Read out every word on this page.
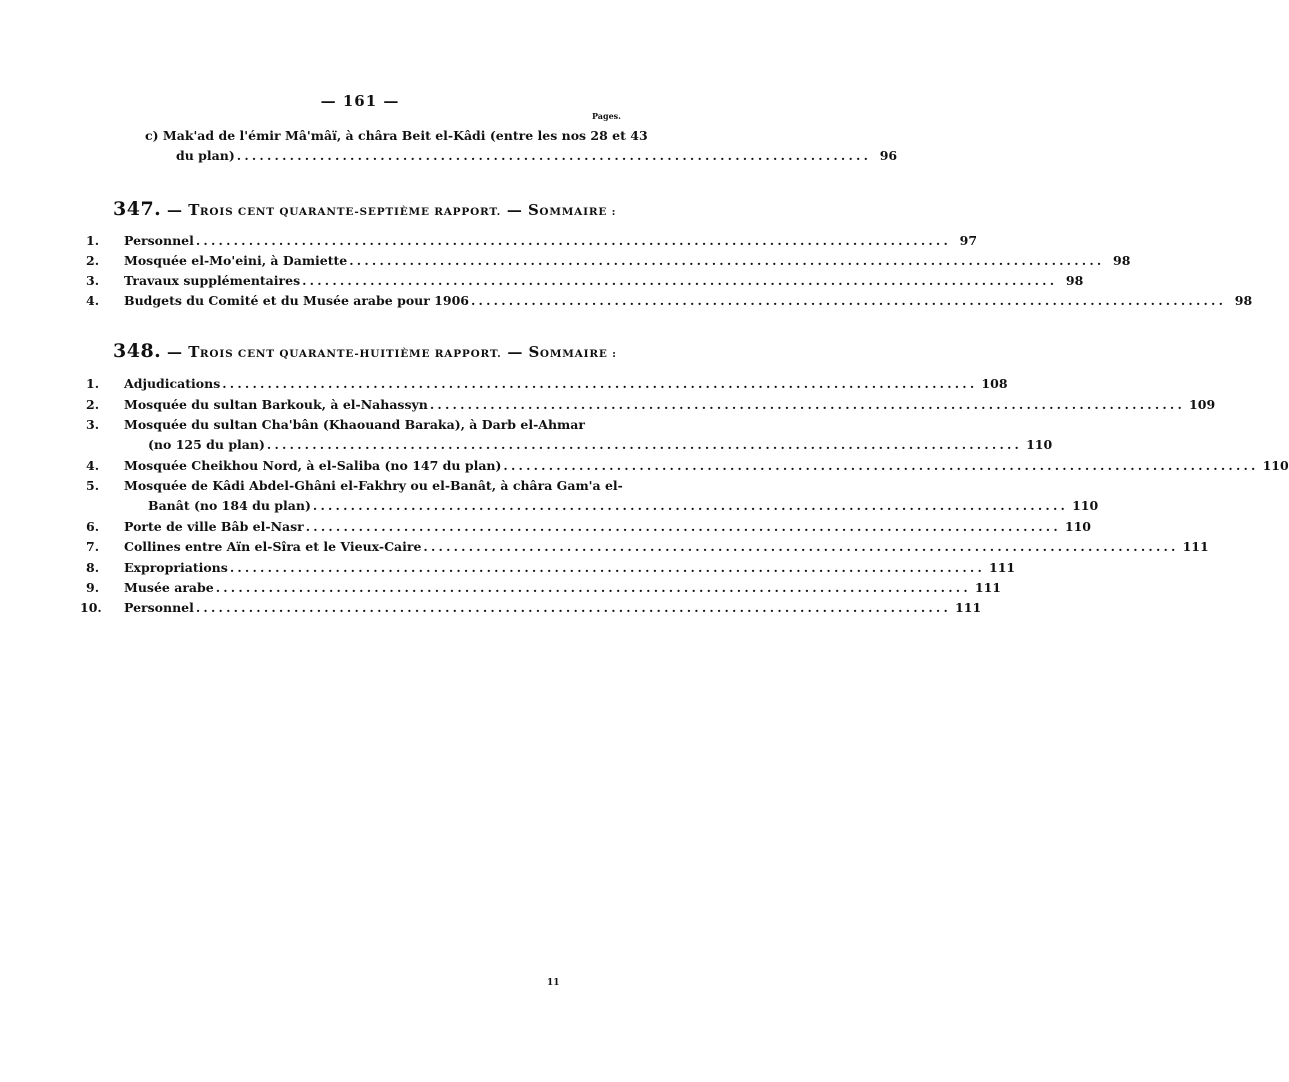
— 161 —
Pages.
c) Mak'ad de l'émir Mâ'mâï, à châra Beit el-Kâdi (entre les nos 28 et 43
du plan) .................................................................................... 96
347. — TROIS CENT QUARANTE-SEPTIÈME RAPPORT. — SOMMAIRE :
1.	Personnel .................................................................................................... 97
2.	Mosquée el-Mo'eini, à Damiette .................................................................................................... 98
3.	Travaux supplémentaires .................................................................................................... 98
4.	Budgets du Comité et du Musée arabe pour 1906 .................................................................................................... 98
348. — TROIS CENT QUARANTE-HUITIÈME RAPPORT. — SOMMAIRE :
1.	Adjudications .................................................................................................... 108
2.	Mosquée du sultan Barkouk, à el-Nahassyn .................................................................................................... 109
3.	Mosquée du sultan Cha'bân (Khaouand Baraka), à Darb el-Ahmar
(no 125 du plan) .................................................................................................... 110
4.	Mosquée Cheikhou Nord, à el-Saliba (no 147 du plan) .................................................................................................... 110
5.	Mosquée de Kâdi Abdel-Ghâni el-Fakhry ou el-Banât, à châra Gam'a el-
Banât (no 184 du plan) .................................................................................................... 110
6.	Porte de ville Bâb el-Nasr .................................................................................................... 110
7.	Collines entre Aïn el-Sîra et le Vieux-Caire .................................................................................................... 111
8.	Expropriations .................................................................................................... 111
9.	Musée arabe .................................................................................................... 111
10.	Personnel .................................................................................................... 111
11
